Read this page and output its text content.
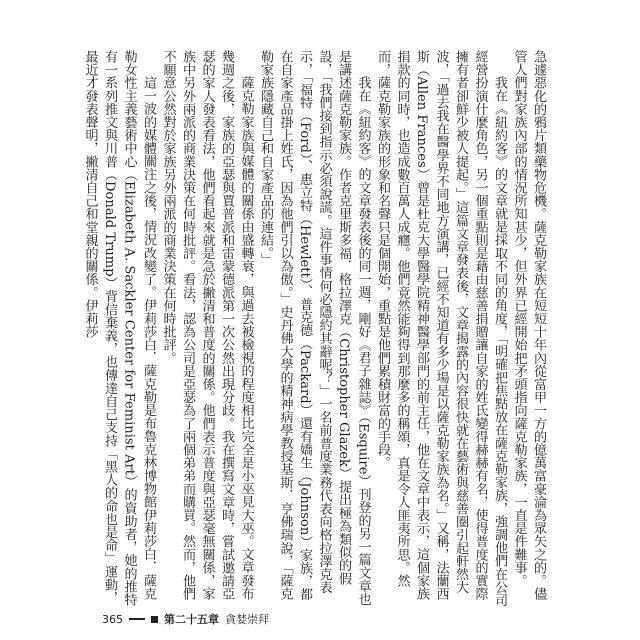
急遽惡化的鴉片類藥物危機。薩克勒家族在短短十年內從富甲一方的億萬富豪淪為眾矢之的。儘管人們對家族內部的情況所知甚少，但外界已經開始把矛頭指向薩克勒家族，一直是件難事。

我在《紐約客》的文章就是採取不同的角度，「明確把焦點放在薩克勒家族，強調他們在公司經營扮演什麼角色，另一個重點則是藉由慈善捐贈讓自家的姓氏變得赫赫有名，使得普度的實際擁有者卻鮮少被人提起。」這篇文章發表後，文章揭露的內容很快就在藝術與慈善圈引起軒然大波，「過去我在醫學界不同地方演講，已經不知道有多少場是以薩克勒家族為名。」又稱，法蘭西斯（Allen Frances）曾是杜克大學醫學院精神醫學部門的前主任，他在文章中表示，這個家族捐款的同時，也造成數百萬人成癮。他們竟然能夠得到那麼多的稱頌，真是令人匪夷所思。然而，薩克勒家族的形象和名聲只是個開始，重點是他們累積財富的手段。

我在《紐約客》的文章發表後的同一週，剛好《君子雜誌》（Esquire）刊登的另一篇文章也是講述薩克勒家族。作者克里斯多福．格拉澤克（Christopher Glazek）提出極為類似的假設，「我們接到指示必須說謊。這件事情何必隱約其辭呢？」一名前普度業務代表向格拉澤克表示，「福特（Ford）、惠立特（Hewlett）、普克德（Packard）還有嬌生（Johnson）家族，都在自家產品掛上姓氏，因為他們引以為傲。」史丹佛大學的精神病學教授基斯．亨佛瑞說，「薩克勒家族隱藏自己和自家產品的連結。」

薩克勒家族與媒體的關係由盛轉衰，與過去被檢視的程度相比完全是小巫見大巫。文章發布幾週之後，家族的亞瑟與賈普派和雷蒙德派第一次公然出現分歧。我在撰寫文章時，嘗試邀請亞瑟的家人發表看法，他們看起來就是急於撇清和普度的關係。他們表示普度與亞瑟毫無關係，家族中另外兩派的商業決策在何時批評。看法，認為公司是亞瑟為了兩個弟弟而購買。然而，他們不願意公然對於家族另外兩派的商業決策在何時批評。

這一波的媒體關注之後，情況改變了。伊莉莎白．薩克勒是布魯克林博物館伊莉莎白．薩克勒女性主義藝術中心（Elizabeth A. Sackler Center for Feminist Art）的資助者，她的推特有一系列推文與川普（Donald Trump）背信棄義，也傳達自己支持「黑人的命也是命」運動，最近才發表聲明，撇清自己和堂親的關係。伊莉莎

365	第二十五章 貪婪崇拜
